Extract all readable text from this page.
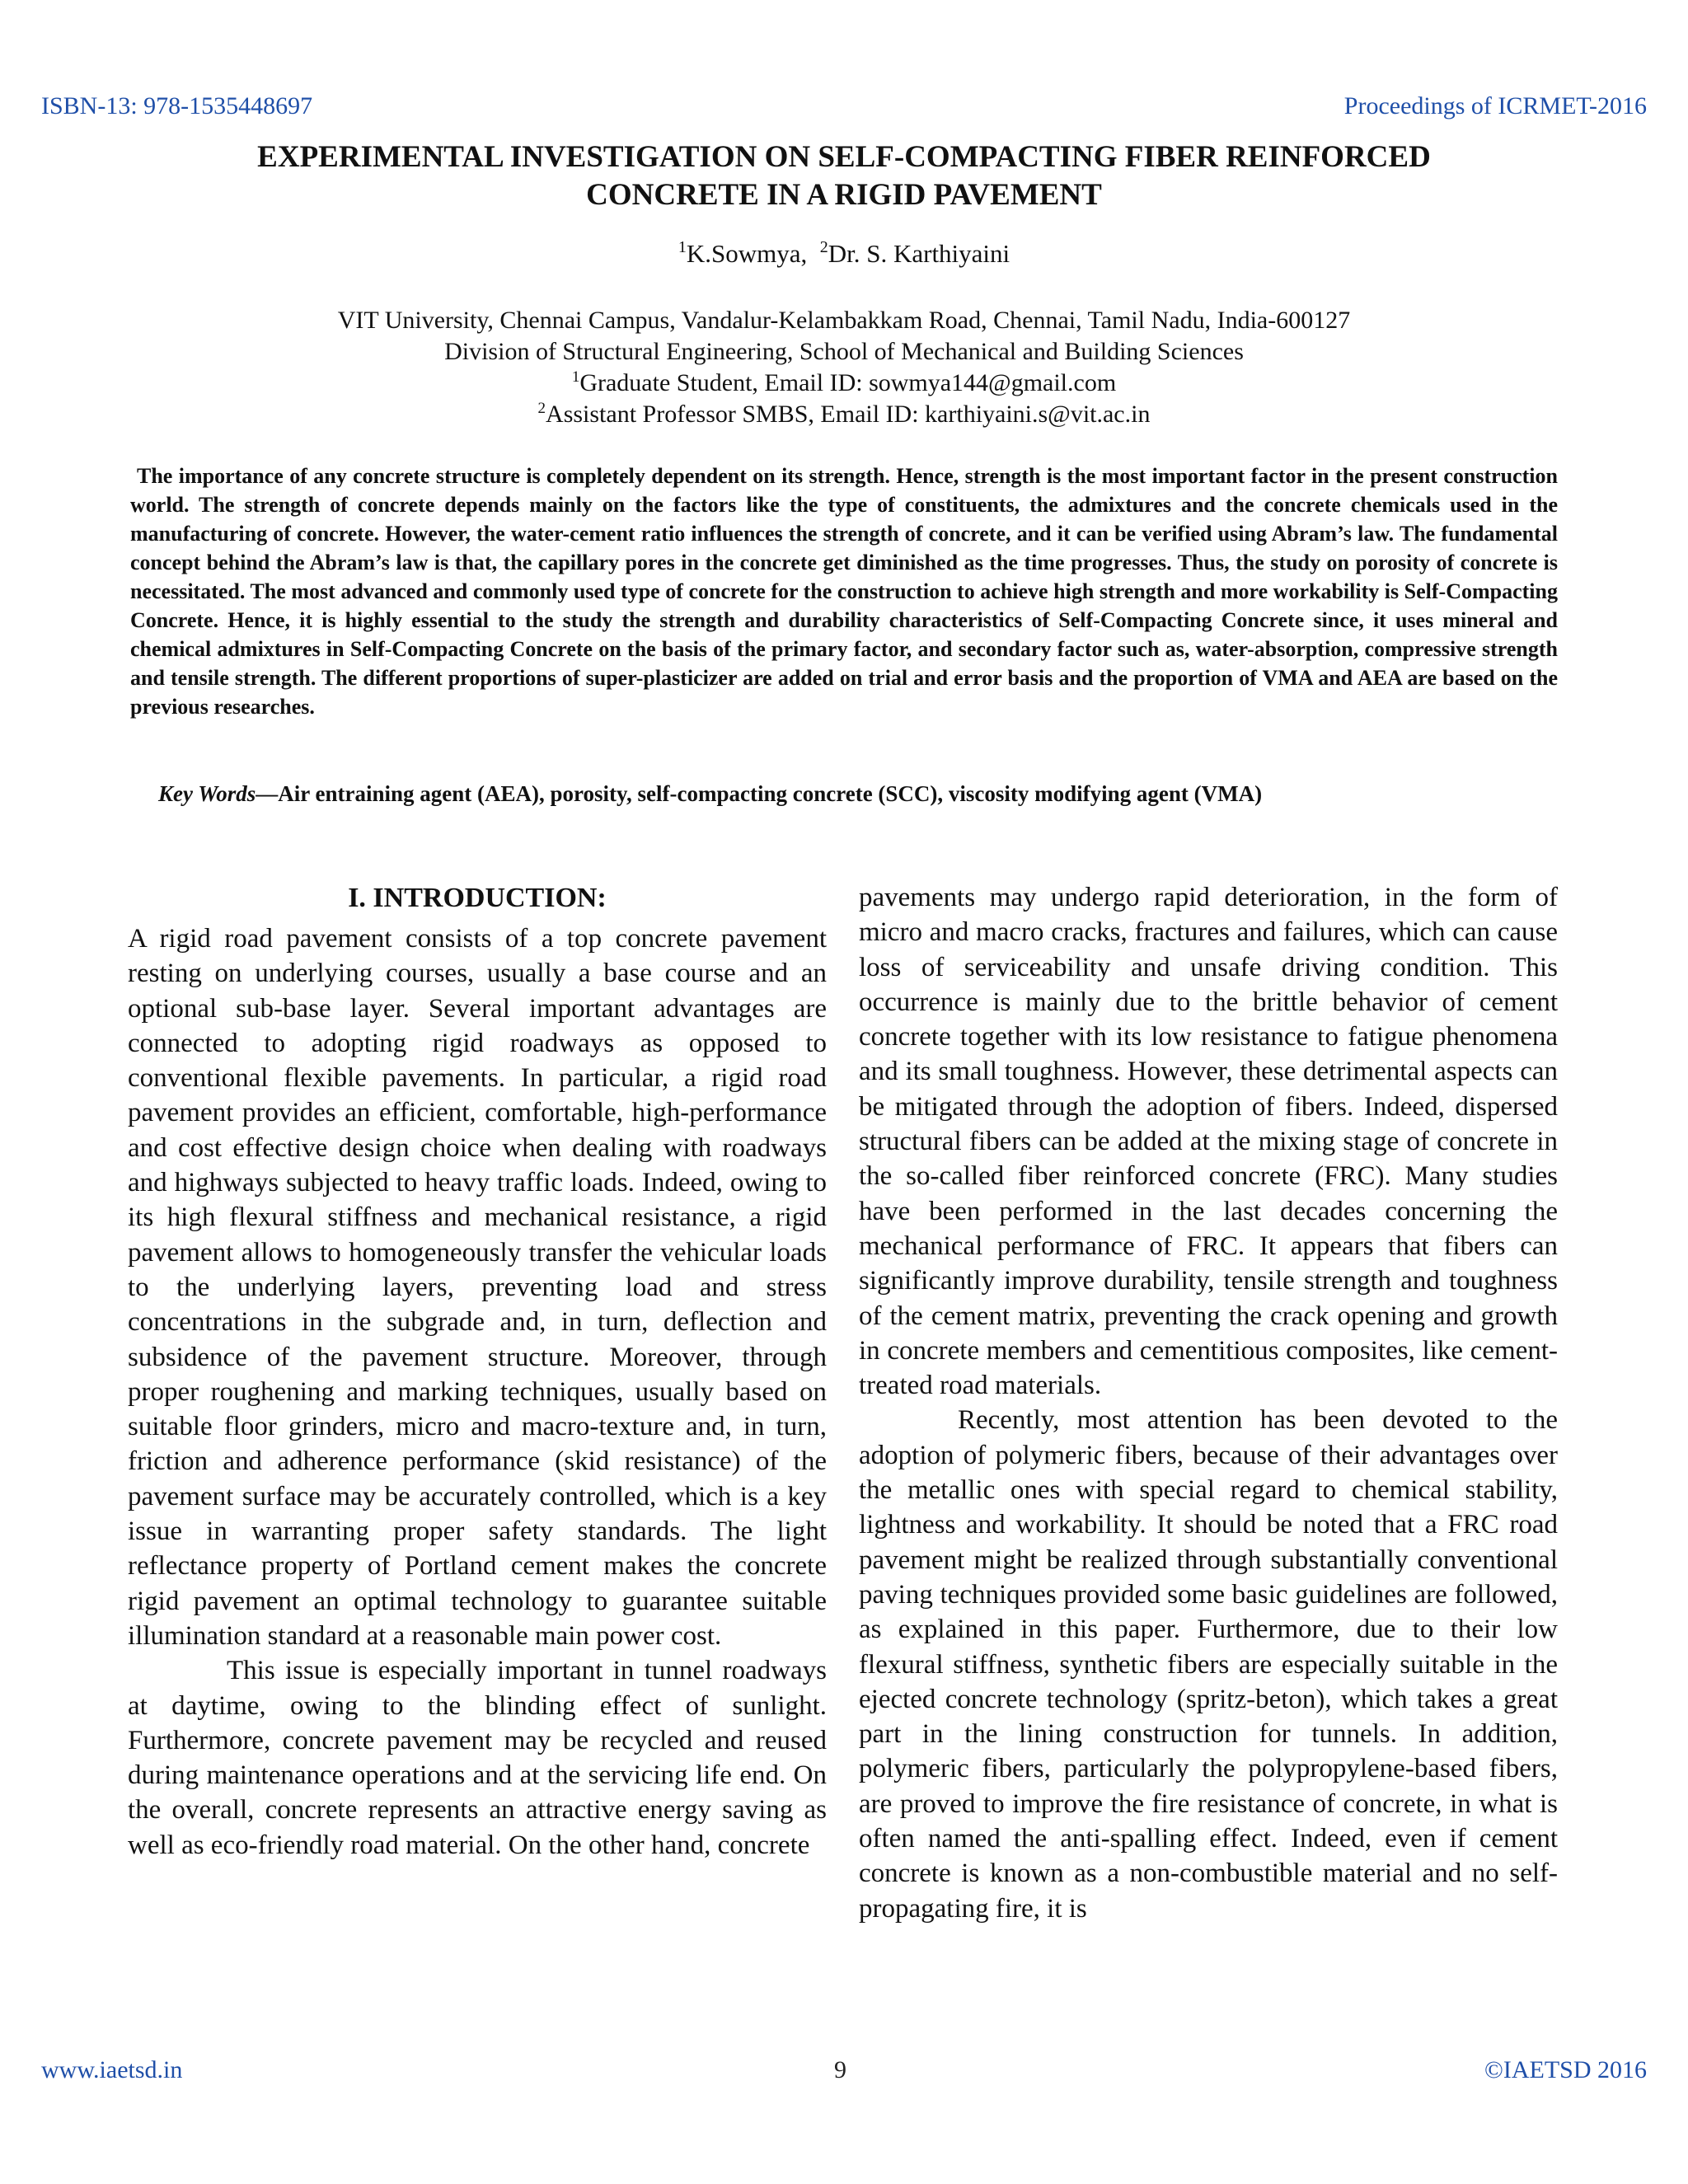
ISBN-13: 978-1535448697	Proceedings of ICRMET-2016
EXPERIMENTAL INVESTIGATION ON SELF-COMPACTING FIBER REINFORCED
CONCRETE IN A RIGID PAVEMENT
$^1$K.Sowmya, $^2$Dr. S. Karthiyaini
VIT University, Chennai Campus, Vandalur-Kelambakkam Road, Chennai, Tamil Nadu, India-600127
Division of Structural Engineering, School of Mechanical and Building Sciences
$^1$Graduate Student, Email ID: sowmya144@gmail.com
$^2$Assistant Professor SMBS, Email ID: karthiyaini.s@vit.ac.in
The importance of any concrete structure is completely dependent on its strength. Hence, strength is the most important factor in the present construction world. The strength of concrete depends mainly on the factors like the type of constituents, the admixtures and the concrete chemicals used in the manufacturing of concrete. However, the water-cement ratio influences the strength of concrete, and it can be verified using Abram’s law. The fundamental concept behind the Abram’s law is that, the capillary pores in the concrete get diminished as the time progresses. Thus, the study on porosity of concrete is necessitated. The most advanced and commonly used type of concrete for the construction to achieve high strength and more workability is Self-Compacting Concrete. Hence, it is highly essential to the study the strength and durability characteristics of Self-Compacting Concrete since, it uses mineral and chemical admixtures in Self-Compacting Concrete on the basis of the primary factor, and secondary factor such as, water-absorption, compressive strength and tensile strength. The different proportions of super-plasticizer are added on trial and error basis and the proportion of VMA and AEA are based on the previous researches.
Key Words—Air entraining agent (AEA), porosity, self-compacting concrete (SCC), viscosity modifying agent (VMA)
I. INTRODUCTION:

A rigid road pavement consists of a top concrete pavement resting on underlying courses, usually a base course and an optional sub-base layer. Several important advantages are connected to adopting rigid roadways as opposed to conventional flexible pavements. In particular, a rigid road pavement provides an efficient, comfortable, high-performance and cost effective design choice when dealing with roadways and highways subjected to heavy traffic loads. Indeed, owing to its high flexural stiffness and mechanical resistance, a rigid pavement allows to homogeneously transfer the vehicular loads to the underlying layers, preventing load and stress concentrations in the subgrade and, in turn, deflection and subsidence of the pavement structure. Moreover, through proper roughening and marking techniques, usually based on suitable floor grinders, micro and macro-texture and, in turn, friction and adherence performance (skid resistance) of the pavement surface may be accurately controlled, which is a key issue in warranting proper safety standards. The light reflectance property of Portland cement makes the concrete rigid pavement an optimal technology to guarantee suitable illumination standard at a reasonable main power cost.

This issue is especially important in tunnel roadways at daytime, owing to the blinding effect of sunlight. Furthermore, concrete pavement may be recycled and reused during maintenance operations and at the servicing life end. On the overall, concrete represents an attractive energy saving as well as eco-friendly road material. On the other hand, concrete

pavements may undergo rapid deterioration, in the form of micro and macro cracks, fractures and failures, which can cause loss of serviceability and unsafe driving condition. This occurrence is mainly due to the brittle behavior of cement concrete together with its low resistance to fatigue phenomena and its small toughness. However, these detrimental aspects can be mitigated through the adoption of fibers. Indeed, dispersed structural fibers can be added at the mixing stage of concrete in the so-called fiber reinforced concrete (FRC). Many studies have been performed in the last decades concerning the mechanical performance of FRC. It appears that fibers can significantly improve durability, tensile strength and toughness of the cement matrix, preventing the crack opening and growth in concrete members and cementitious composites, like cement-treated road materials.

Recently, most attention has been devoted to the adoption of polymeric fibers, because of their advantages over the metallic ones with special regard to chemical stability, lightness and workability. It should be noted that a FRC road pavement might be realized through substantially conventional paving techniques provided some basic guidelines are followed, as explained in this paper. Furthermore, due to their low flexural stiffness, synthetic fibers are especially suitable in the ejected concrete technology (spritz-beton), which takes a great part in the lining construction for tunnels. In addition, polymeric fibers, particularly the polypropylene-based fibers, are proved to improve the fire resistance of concrete, in what is often named the anti-spalling effect. Indeed, even if cement concrete is known as a non-combustible material and no self-propagating fire, it is

www.iaetsd.in	9	©IAETSD 2016
